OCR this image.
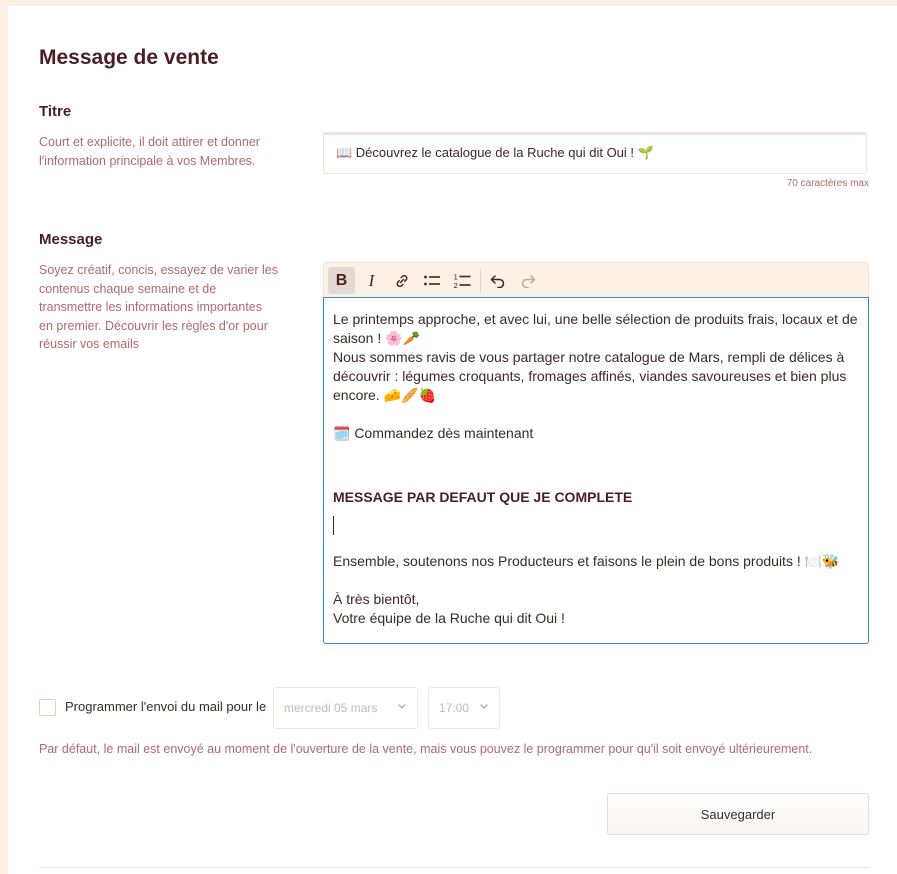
Message de vente
Titre

Court et explicite, il doit attirer et donner l'information principale à vos Membres.

📖 Découvrez le catalogue de la Ruche qui dit Oui ! 🌱
70 caractères max
Message

Soyez créatif, concis, essayez de varier les contenus chaque semaine et de transmettre les informations importantes en premier. Découvrir les règles d'or pour réussir vos emails

B I	1
2

Le printemps approche, et avec lui, une belle sélection de produits frais, locaux et de saison ! 🌸🥕

Nous sommes ravis de vous partager notre catalogue de Mars, rempli de délices à découvrir : légumes croquants, fromages affinés, viandes savoureuses et bien plus encore. 🧀🥖🍓

🗓️ Commandez dès maintenant

MESSAGE PAR DEFAUT QUE JE COMPLETE

Ensemble, soutenons nos Producteurs et faisons le plein de bons produits ! 🍽️🐝

À très bientôt,

Votre équipe de la Ruche qui dit Oui !

Programmer l'envoi du mail pour le	mercredi 05 mars	17:00
Par défaut, le mail est envoyé au moment de l'ouverture de la vente, mais vous pouvez le programmer pour qu'il soit envoyé ultérieurement.
Sauvegarder
